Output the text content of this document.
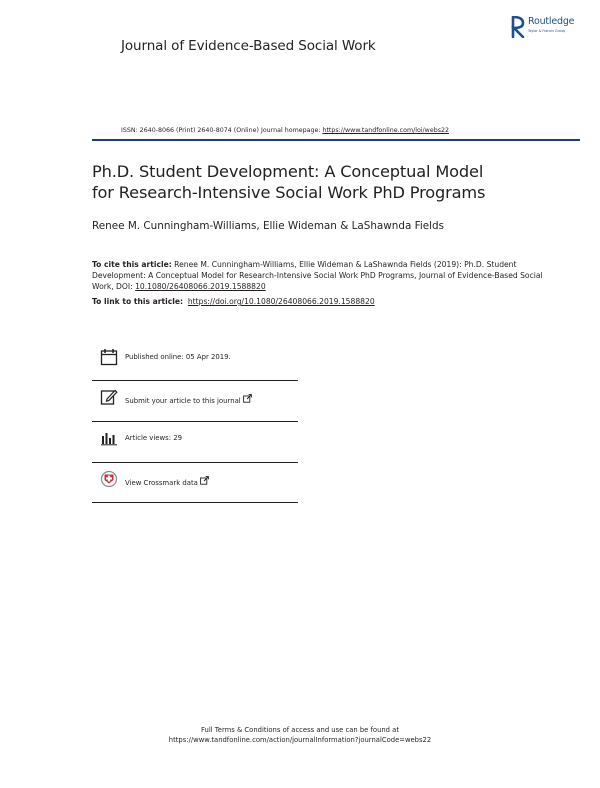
Journal of Evidence-Based Social Work
Routledge
Taylor & Francis Group
ISSN: 2640-8066 (Print) 2640-8074 (Online) Journal homepage: https://www.tandfonline.com/loi/webs22
Ph.D. Student Development: A Conceptual Model
for Research-Intensive Social Work PhD Programs
Renee M. Cunningham-Williams, Ellie Wideman & LaShawnda Fields
To cite this article: Renee M. Cunningham-Williams, Ellie Wideman & LaShawnda Fields (2019): Ph.D. Student Development: A Conceptual Model for Research-Intensive Social Work PhD Programs, Journal of Evidence-Based Social Work, DOI: 10.1080/26408066.2019.1588820
To link to this article: https://doi.org/10.1080/26408066.2019.1588820
Published online: 05 Apr 2019.
Submit your article to this journal
Article views: 29
View Crossmark data
Full Terms & Conditions of access and use can be found at
https://www.tandfonline.com/action/journalInformation?journalCode=webs22
